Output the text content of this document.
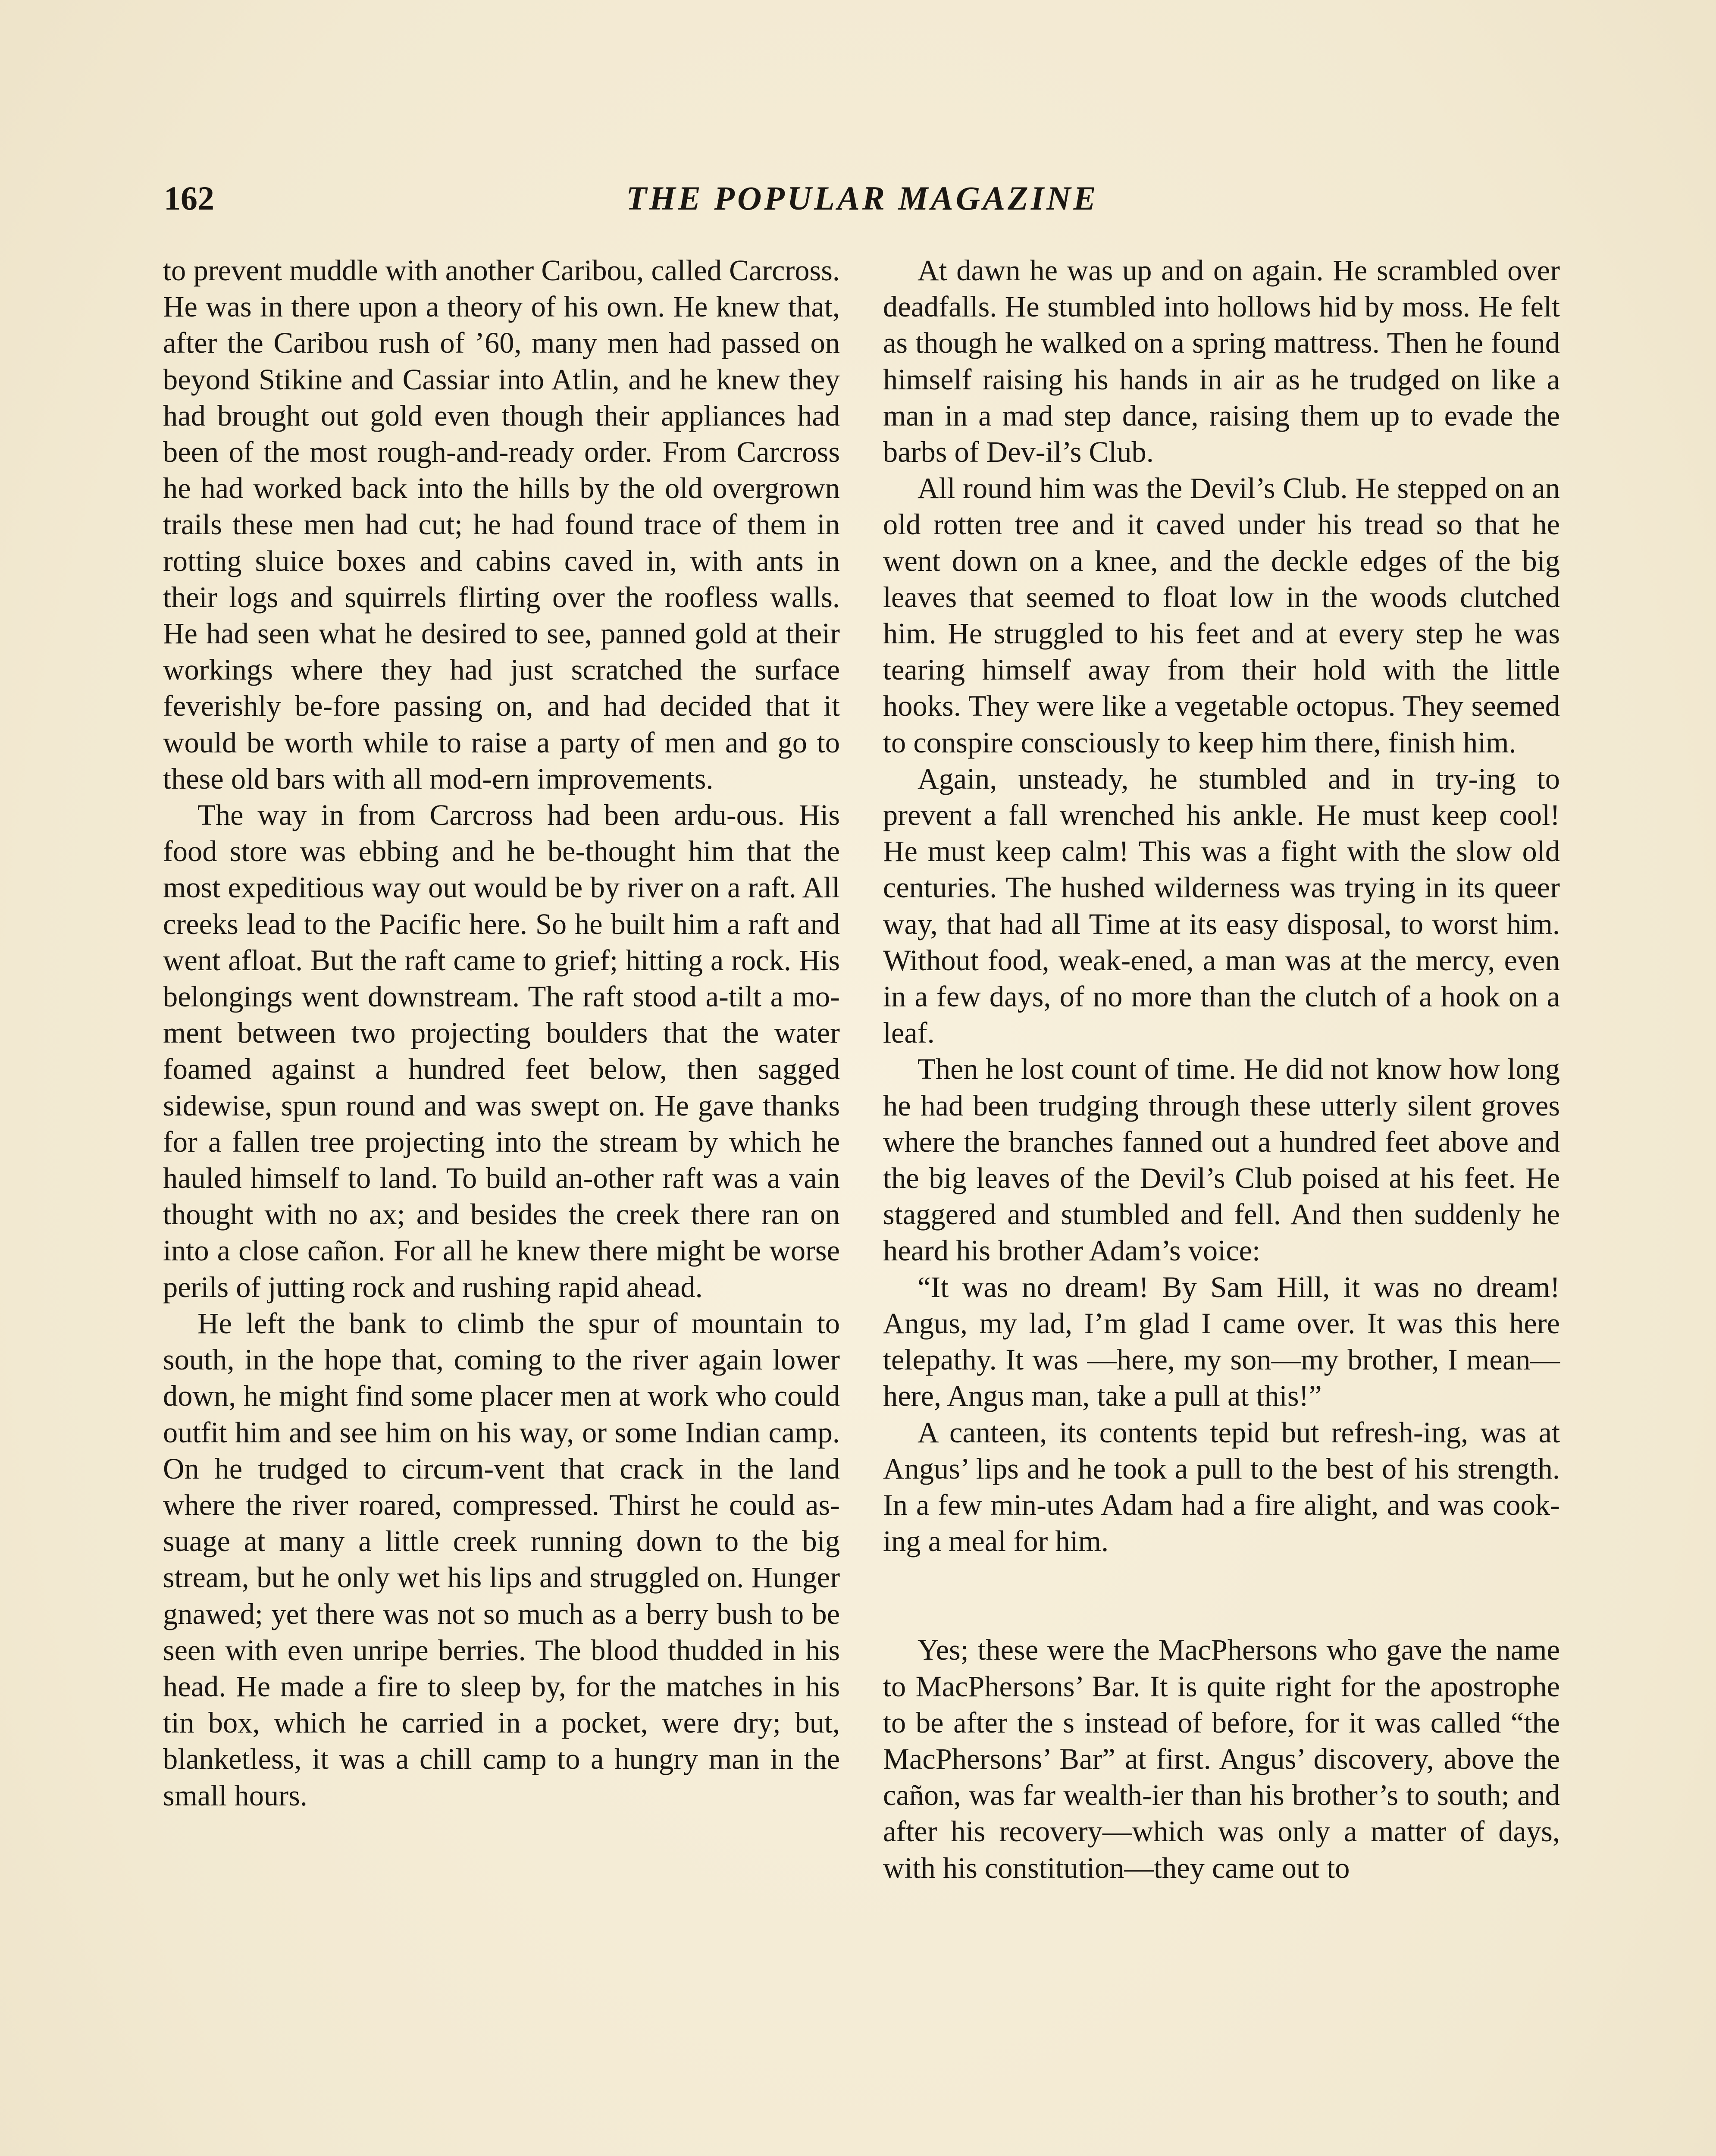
162	THE POPULAR MAGAZINE

to prevent muddle with another Caribou, called Carcross. He was in there upon a theory of his own. He knew that, after the Caribou rush of ’60, many men had passed on beyond Stikine and Cassiar into Atlin, and he knew they had brought out gold even though their appliances had been of the most rough-and-ready order. From Carcross he had worked back into the hills by the old overgrown trails these men had cut; he had found trace of them in rotting sluice boxes and cabins caved in, with ants in their logs and squirrels flirting over the roofless walls. He had seen what he desired to see, panned gold at their workings where they had just scratched the surface feverishly be-fore passing on, and had decided that it would be worth while to raise a party of men and go to these old bars with all mod-ern improvements.

The way in from Carcross had been ardu-ous. His food store was ebbing and he be-thought him that the most expeditious way out would be by river on a raft. All creeks lead to the Pacific here. So he built him a raft and went afloat. But the raft came to grief; hitting a rock. His belongings went downstream. The raft stood a-tilt a mo-ment between two projecting boulders that the water foamed against a hundred feet below, then sagged sidewise, spun round and was swept on. He gave thanks for a fallen tree projecting into the stream by which he hauled himself to land. To build an-other raft was a vain thought with no ax; and besides the creek there ran on into a close cañon. For all he knew there might be worse perils of jutting rock and rushing rapid ahead.

He left the bank to climb the spur of mountain to south, in the hope that, coming to the river again lower down, he might find some placer men at work who could outfit him and see him on his way, or some Indian camp. On he trudged to circum-vent that crack in the land where the river roared, compressed. Thirst he could as-suage at many a little creek running down to the big stream, but he only wet his lips and struggled on. Hunger gnawed; yet there was not so much as a berry bush to be seen with even unripe berries. The blood thudded in his head. He made a fire to sleep by, for the matches in his tin box, which he carried in a pocket, were dry; but, blanketless, it was a chill camp to a hungry man in the small hours.

At dawn he was up and on again. He scrambled over deadfalls. He stumbled into hollows hid by moss. He felt as though he walked on a spring mattress. Then he found himself raising his hands in air as he trudged on like a man in a mad step dance, raising them up to evade the barbs of Dev-il’s Club.

All round him was the Devil’s Club. He stepped on an old rotten tree and it caved under his tread so that he went down on a knee, and the deckle edges of the big leaves that seemed to float low in the woods clutched him. He struggled to his feet and at every step he was tearing himself away from their hold with the little hooks. They were like a vegetable octopus. They seemed to conspire consciously to keep him there, finish him.

Again, unsteady, he stumbled and in try-ing to prevent a fall wrenched his ankle. He must keep cool! He must keep calm! This was a fight with the slow old centuries. The hushed wilderness was trying in its queer way, that had all Time at its easy disposal, to worst him. Without food, weak-ened, a man was at the mercy, even in a few days, of no more than the clutch of a hook on a leaf.

Then he lost count of time. He did not know how long he had been trudging through these utterly silent groves where the branches fanned out a hundred feet above and the big leaves of the Devil’s Club poised at his feet. He staggered and stumbled and fell. And then suddenly he heard his brother Adam’s voice:

“It was no dream! By Sam Hill, it was no dream! Angus, my lad, I’m glad I came over. It was this here telepathy. It was —here, my son—my brother, I mean—here, Angus man, take a pull at this!”

A canteen, its contents tepid but refresh-ing, was at Angus’ lips and he took a pull to the best of his strength. In a few min-utes Adam had a fire alight, and was cook-ing a meal for him.

Yes; these were the MacPhersons who gave the name to MacPhersons’ Bar. It is quite right for the apostrophe to be after the s instead of before, for it was called “the MacPhersons’ Bar” at first. Angus’ discovery, above the cañon, was far wealth-ier than his brother’s to south; and after his recovery—which was only a matter of days, with his constitution—they came out to
